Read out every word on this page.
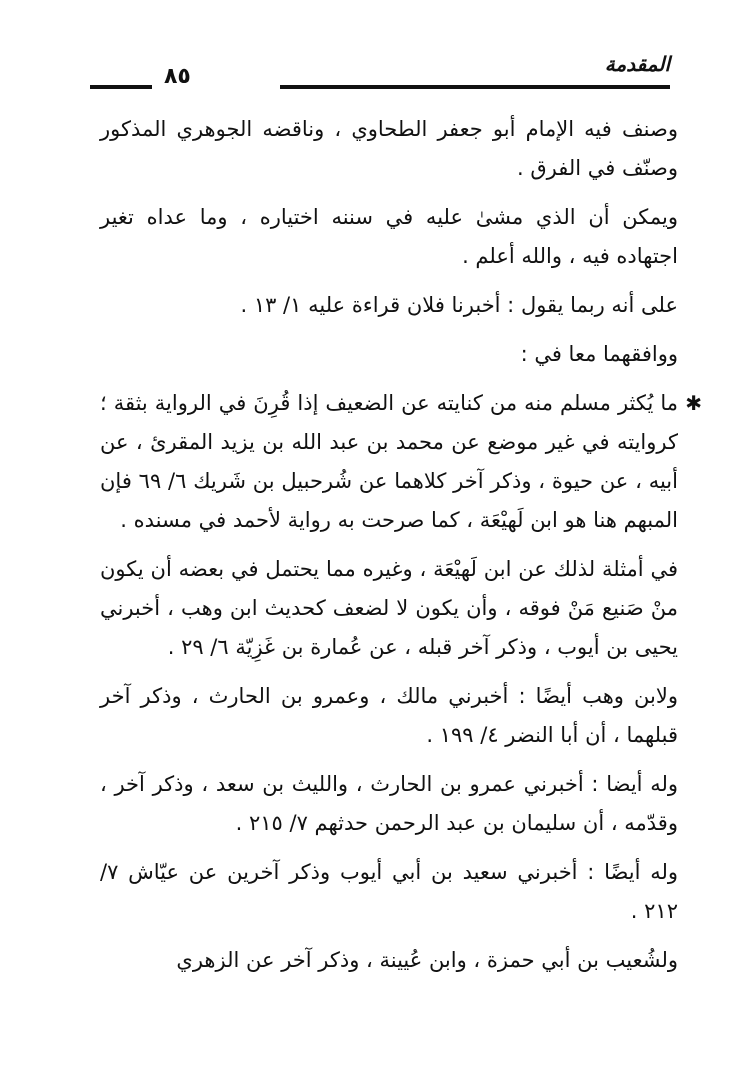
المقدمة
٨٥

وصنف فيه الإمام أبو جعفر الطحاوي ، وناقضه الجوهري المذكور وصنّف في الفرق .

ويمكن أن الذي مشىٰ عليه في سننه اختياره ، وما عداه تغير اجتهاده فيه ، والله أعلم .

على أنه ربما يقول : أخبرنا فلان قراءة عليه ١/ ١٣ .

ووافقهما معا في :

✱
ما يُكثر مسلم منه من كنايته عن الضعيف إذا قُرِنَ في الرواية بثقة ؛ كروايته في غير موضع عن محمد بن عبد الله بن يزيد المقرئ ، عن أبيه ، عن حيوة ، وذكر آخر كلاهما عن شُرحبيل بن شَريك ٦/ ٦٩ فإن المبهم هنا هو ابن لَهيْعَة ، كما صرحت به رواية لأحمد في مسنده .

في أمثلة لذلك عن ابن لَهيْعَة ، وغيره مما يحتمل في بعضه أن يكون منْ صَنيع مَنْ فوقه ، وأن يكون لا لضعف كحديث ابن وهب ، أخبرني يحيى بن أيوب ، وذكر آخر قبله ، عن عُمارة بن غَزِيّة ٦/ ٢٩ .

ولابن وهب أيضًا : أخبرني مالك ، وعمرو بن الحارث ، وذكر آخر قبلهما ، أن أبا النضر ٤/ ١٩٩ .

وله أيضا : أخبرني عمرو بن الحارث ، والليث بن سعد ، وذكر آخر ، وقدّمه ، أن سليمان بن عبد الرحمن حدثهم ٧/ ٢١٥ .

وله أيضًا : أخبرني سعيد بن أبي أيوب وذكر آخرين عن عيّاش ٧/ ٢١٢ .

ولشُعيب بن أبي حمزة ، وابن عُيينة ، وذكر آخر عن الزهري
